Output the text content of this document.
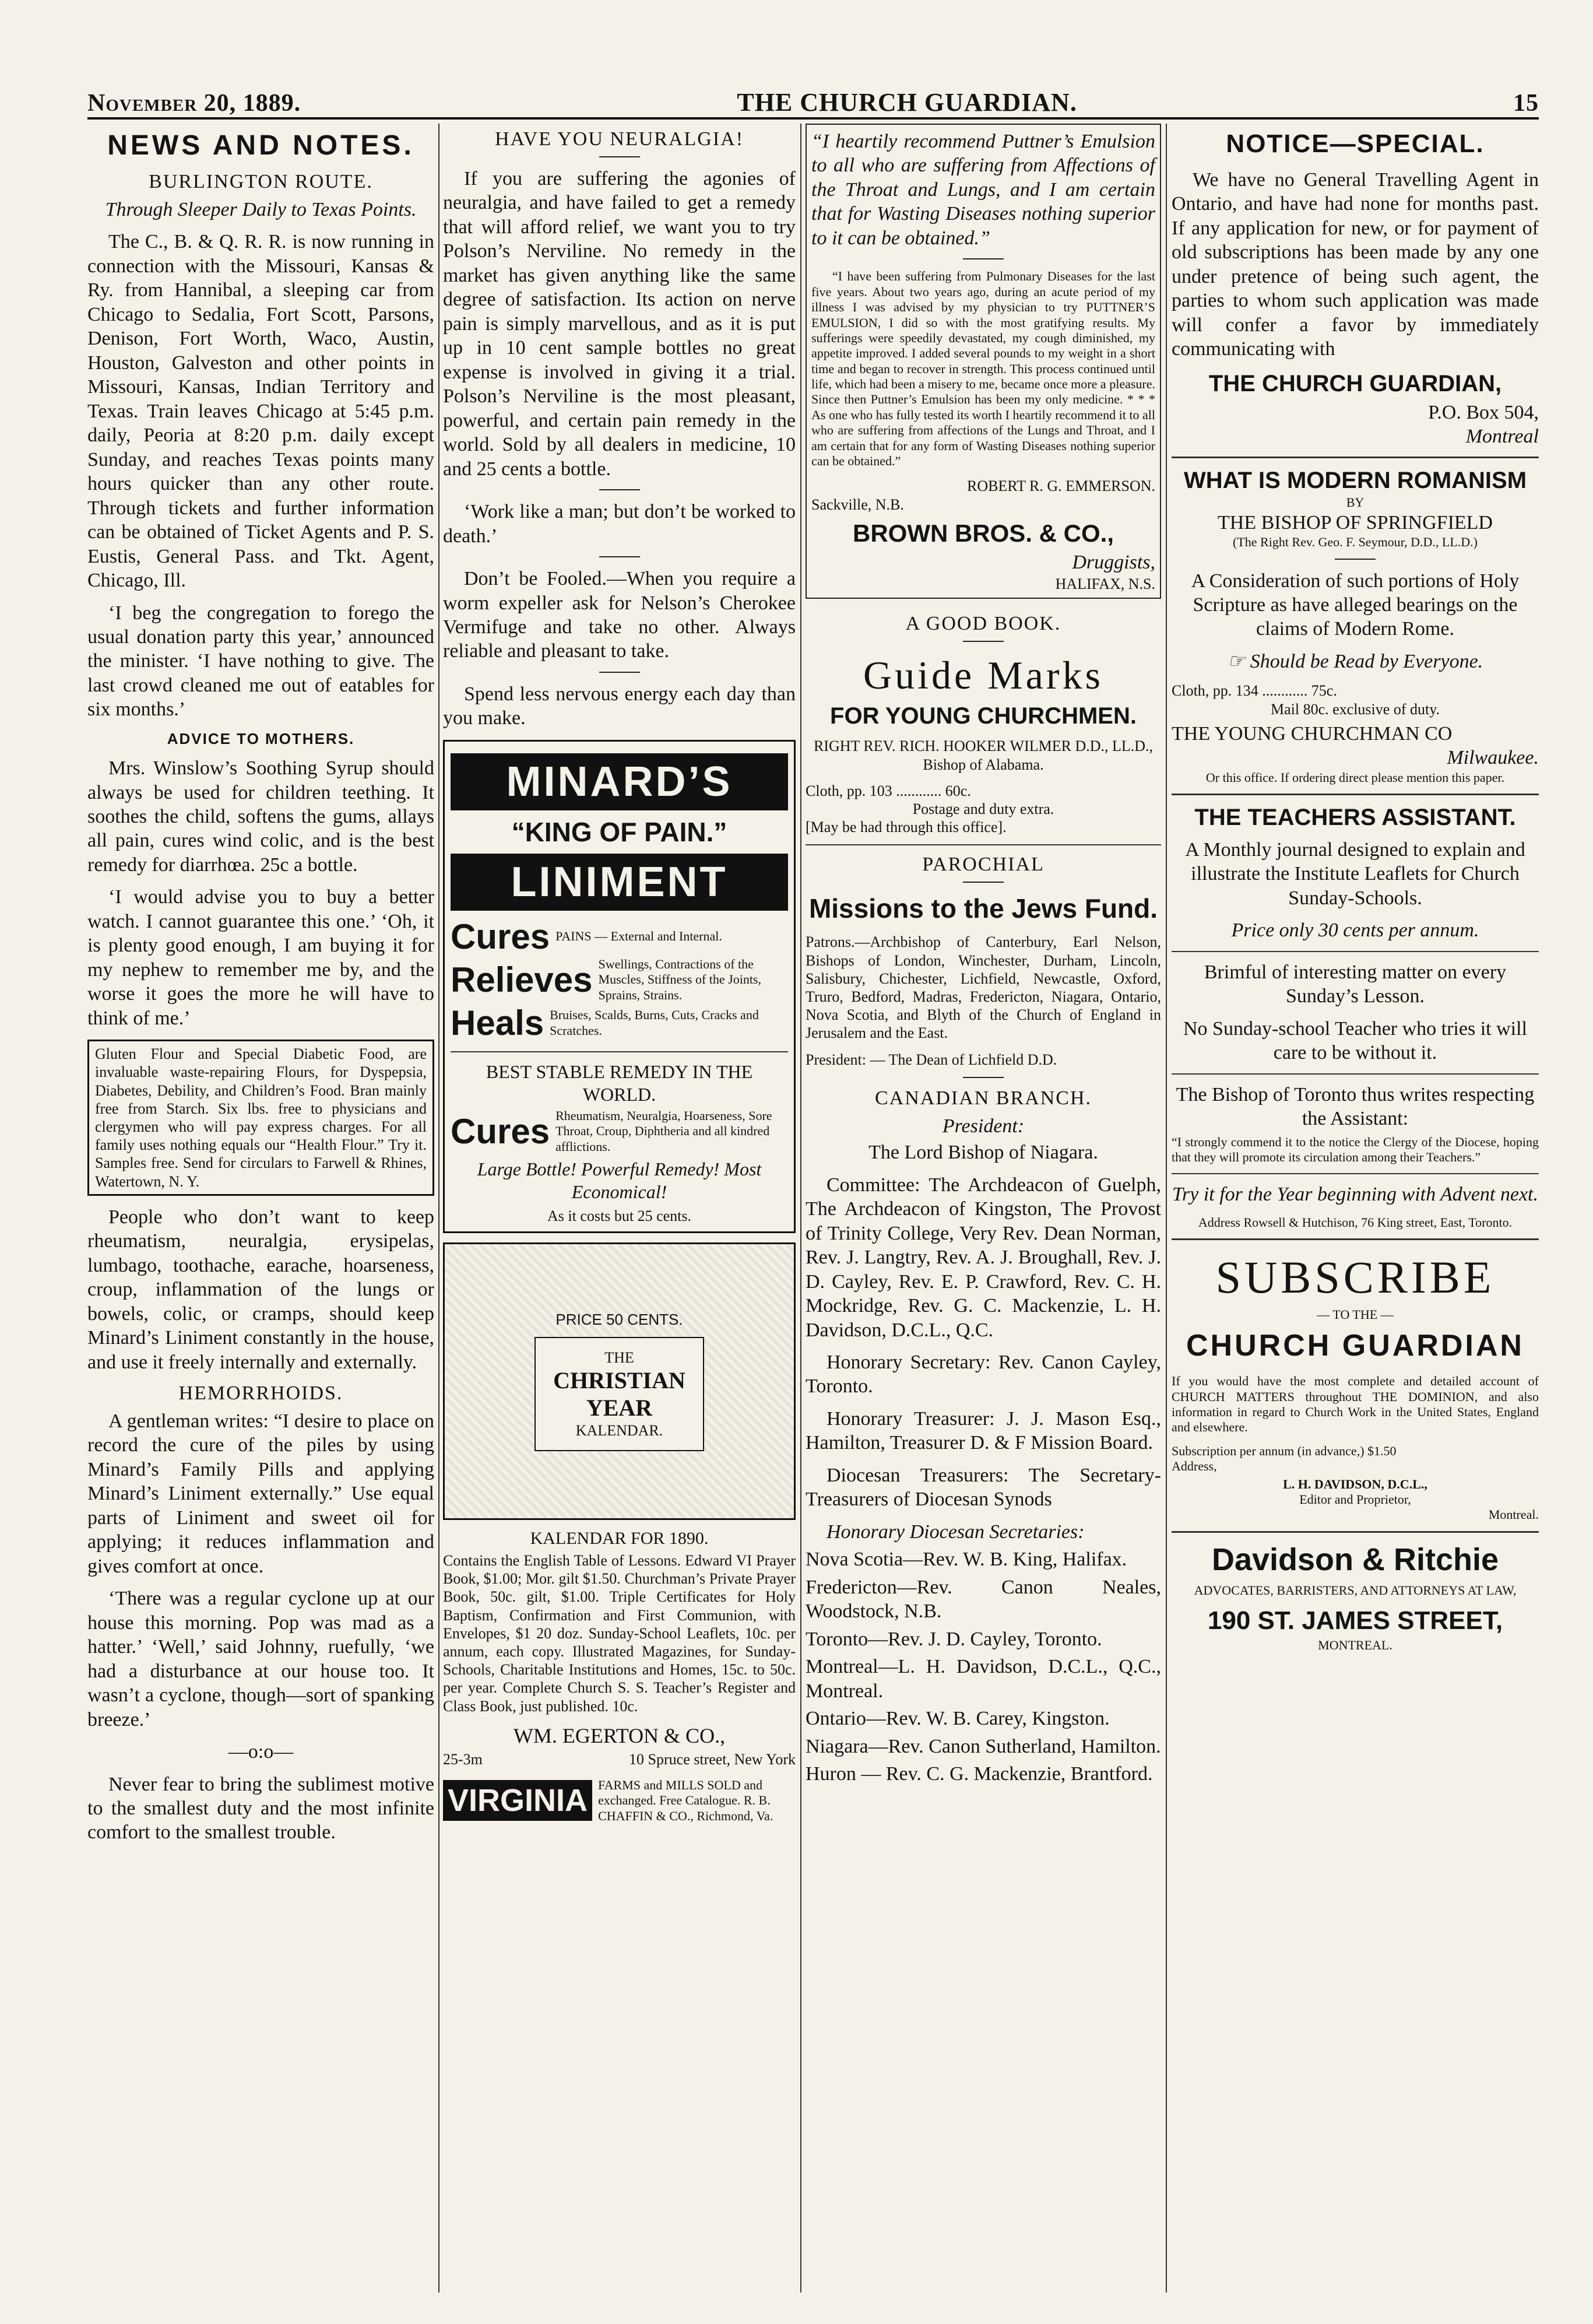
November 20, 1889.	THE CHURCH GUARDIAN.	15
NEWS AND NOTES.
BURLINGTON ROUTE.

Through Sleeper Daily to Texas Points.

The C., B. & Q. R. R. is now running in connection with the Missouri, Kansas & Ry. from Hannibal, a sleeping car from Chicago to Sedalia, Fort Scott, Parsons, Denison, Fort Worth, Waco, Austin, Houston, Galveston and other points in Missouri, Kansas, Indian Territory and Texas. Train leaves Chicago at 5:45 p.m. daily, Peoria at 8:20 p.m. daily except Sunday, and reaches Texas points many hours quicker than any other route. Through tickets and further information can be obtained of Ticket Agents and P. S. Eustis, General Pass. and Tkt. Agent, Chicago, Ill.

‘I beg the congregation to forego the usual donation party this year,’ announced the minister. ‘I have nothing to give. The last crowd cleaned me out of eatables for six months.’

ADVICE TO MOTHERS.

Mrs. Winslow’s Soothing Syrup should always be used for children teething. It soothes the child, softens the gums, allays all pain, cures wind colic, and is the best remedy for diarrhœa. 25c a bottle.

‘I would advise you to buy a better watch. I cannot guarantee this one.’ ‘Oh, it is plenty good enough, I am buying it for my nephew to remember me by, and the worse it goes the more he will have to think of me.’

Gluten Flour and Special Diabetic Food, are invaluable waste-repairing Flours, for Dyspepsia, Diabetes, Debility, and Children’s Food. Bran mainly free from Starch. Six lbs. free to physicians and clergymen who will pay express charges. For all family uses nothing equals our “Health Flour.” Try it. Samples free. Send for circulars to Farwell & Rhines, Watertown, N. Y.

People who don’t want to keep rheumatism, neuralgia, erysipelas, lumbago, toothache, earache, hoarseness, croup, inflammation of the lungs or bowels, colic, or cramps, should keep Minard’s Liniment constantly in the house, and use it freely internally and externally.

HEMORRHOIDS.

A gentleman writes: “I desire to place on record the cure of the piles by using Minard’s Family Pills and applying Minard’s Liniment externally.” Use equal parts of Liniment and sweet oil for applying; it reduces inflammation and gives comfort at once.

‘There was a regular cyclone up at our house this morning. Pop was mad as a hatter.’ ‘Well,’ said Johnny, ruefully, ‘we had a disturbance at our house too. It wasn’t a cyclone, though—sort of spanking breeze.’

—o:o—

Never fear to bring the sublimest motive to the smallest duty and the most infinite comfort to the smallest trouble.

HAVE YOU NEURALGIA!

If you are suffering the agonies of neuralgia, and have failed to get a remedy that will afford relief, we want you to try Polson’s Nerviline. No remedy in the market has given anything like the same degree of satisfaction. Its action on nerve pain is simply marvellous, and as it is put up in 10 cent sample bottles no great expense is involved in giving it a trial. Polson’s Nerviline is the most pleasant, powerful, and certain pain remedy in the world. Sold by all dealers in medicine, 10 and 25 cents a bottle.

‘Work like a man; but don’t be worked to death.’

Don’t be Fooled.—When you require a worm expeller ask for Nelson’s Cherokee Vermifuge and take no other. Always reliable and pleasant to take.

Spend less nervous energy each day than you make.

MINARD’S
“KING OF PAIN.”
LINIMENT
Cures PAINS — External and Internal.
Relieves Swellings, Contractions of the Muscles, Stiffness of the Joints, Sprains, Strains.
Heals Bruises, Scalds, Burns, Cuts, Cracks and Scratches.

BEST STABLE REMEDY IN THE WORLD.

Cures Rheumatism, Neuralgia, Hoarseness, Sore Throat, Croup, Diphtheria and all kindred afflictions.

Large Bottle! Powerful Remedy! Most Economical!

As it costs but 25 cents.

PRICE 50 CENTS.
THE
CHRISTIAN
YEAR
KALENDAR.

KALENDAR FOR 1890.

Contains the English Table of Lessons. Edward VI Prayer Book, $1.00; Mor. gilt $1.50. Churchman’s Private Prayer Book, 50c. gilt, $1.00. Triple Certificates for Holy Baptism, Confirmation and First Communion, with Envelopes, $1 20 doz. Sunday-School Leaflets, 10c. per annum, each copy. Illustrated Magazines, for Sunday-Schools, Charitable Institutions and Homes, 15c. to 50c. per year. Complete Church S. S. Teacher’s Register and Class Book, just published. 10c.

WM. EGERTON & CO.,

25-3m	10 Spruce street, New York
VIRGINIA FARMS and MILLS SOLD and exchanged. Free Catalogue. R. B. CHAFFIN & CO., Richmond, Va.

“I heartily recommend Puttner’s Emulsion to all who are suffering from Affections of the Throat and Lungs, and I am certain that for Wasting Diseases nothing superior to it can be obtained.”

“I have been suffering from Pulmonary Diseases for the last five years. About two years ago, during an acute period of my illness I was advised by my physician to try PUTTNER’S EMULSION, I did so with the most gratifying results. My sufferings were speedily devastated, my cough diminished, my appetite improved. I added several pounds to my weight in a short time and began to recover in strength. This process continued until life, which had been a misery to me, became once more a pleasure. Since then Puttner’s Emulsion has been my only medicine. * * * As one who has fully tested its worth I heartily recommend it to all who are suffering from affections of the Lungs and Throat, and I am certain that for any form of Wasting Diseases nothing superior can be obtained.”

ROBERT R. G. EMMERSON.

Sackville, N.B.

BROWN BROS. & CO.,

Druggists,

HALIFAX, N.S.

A GOOD BOOK.

Guide Marks

FOR YOUNG CHURCHMEN.

RIGHT REV. RICH. HOOKER WILMER D.D., LL.D., Bishop of Alabama.

Cloth, pp. 103 ............ 60c.

Postage and duty extra.

[May be had through this office].

PAROCHIAL

Missions to the Jews Fund.

Patrons.—Archbishop of Canterbury, Earl Nelson, Bishops of London, Winchester, Durham, Lincoln, Salisbury, Chichester, Lichfield, Newcastle, Oxford, Truro, Bedford, Madras, Fredericton, Niagara, Ontario, Nova Scotia, and Blyth of the Church of England in Jerusalem and the East.

President: — The Dean of Lichfield D.D.

CANADIAN BRANCH.

President:

The Lord Bishop of Niagara.

Committee: The Archdeacon of Guelph, The Archdeacon of Kingston, The Provost of Trinity College, Very Rev. Dean Norman, Rev. J. Langtry, Rev. A. J. Broughall, Rev. J. D. Cayley, Rev. E. P. Crawford, Rev. C. H. Mockridge, Rev. G. C. Mackenzie, L. H. Davidson, D.C.L., Q.C.

Honorary Secretary: Rev. Canon Cayley, Toronto.

Honorary Treasurer: J. J. Mason Esq., Hamilton, Treasurer D. & F Mission Board.

Diocesan Treasurers: The Secretary-Treasurers of Diocesan Synods

Honorary Diocesan Secretaries:

Nova Scotia—Rev. W. B. King, Halifax.

Fredericton—Rev. Canon Neales, Woodstock, N.B.

Toronto—Rev. J. D. Cayley, Toronto.

Montreal—L. H. Davidson, D.C.L., Q.C., Montreal.

Ontario—Rev. W. B. Carey, Kingston.

Niagara—Rev. Canon Sutherland, Hamilton.

Huron — Rev. C. G. Mackenzie, Brantford.

NOTICE—SPECIAL.

We have no General Travelling Agent in Ontario, and have had none for months past. If any application for new, or for payment of old subscriptions has been made by any one under pretence of being such agent, the parties to whom such application was made will confer a favor by immediately communicating with

THE CHURCH GUARDIAN,

P.O. Box 504,

Montreal

WHAT IS MODERN ROMANISM

BY

THE BISHOP OF SPRINGFIELD

(The Right Rev. Geo. F. Seymour, D.D., LL.D.)

A Consideration of such portions of Holy Scripture as have alleged bearings on the claims of Modern Rome.

☞ Should be Read by Everyone.

Cloth, pp. 134 ............ 75c.

Mail 80c. exclusive of duty.

THE YOUNG CHURCHMAN CO

Milwaukee.

Or this office. If ordering direct please mention this paper.

THE TEACHERS ASSISTANT.

A Monthly journal designed to explain and illustrate the Institute Leaflets for Church Sunday-Schools.

Price only 30 cents per annum.

Brimful of interesting matter on every Sunday’s Lesson.

No Sunday-school Teacher who tries it will care to be without it.

The Bishop of Toronto thus writes respecting the Assistant:

“I strongly commend it to the notice the Clergy of the Diocese, hoping that they will promote its circulation among their Teachers.”

Try it for the Year beginning with Advent next.

Address Rowsell & Hutchison, 76 King street, East, Toronto.

SUBSCRIBE

— TO THE —

CHURCH GUARDIAN

If you would have the most complete and detailed account of CHURCH MATTERS throughout THE DOMINION, and also information in regard to Church Work in the United States, England and elsewhere.

Subscription per annum (in advance,) $1.50

Address,

L. H. DAVIDSON, D.C.L.,

Editor and Proprietor,

Montreal.

Davidson & Ritchie

ADVOCATES, BARRISTERS, AND ATTORNEYS AT LAW,

190 ST. JAMES STREET,

MONTREAL.
